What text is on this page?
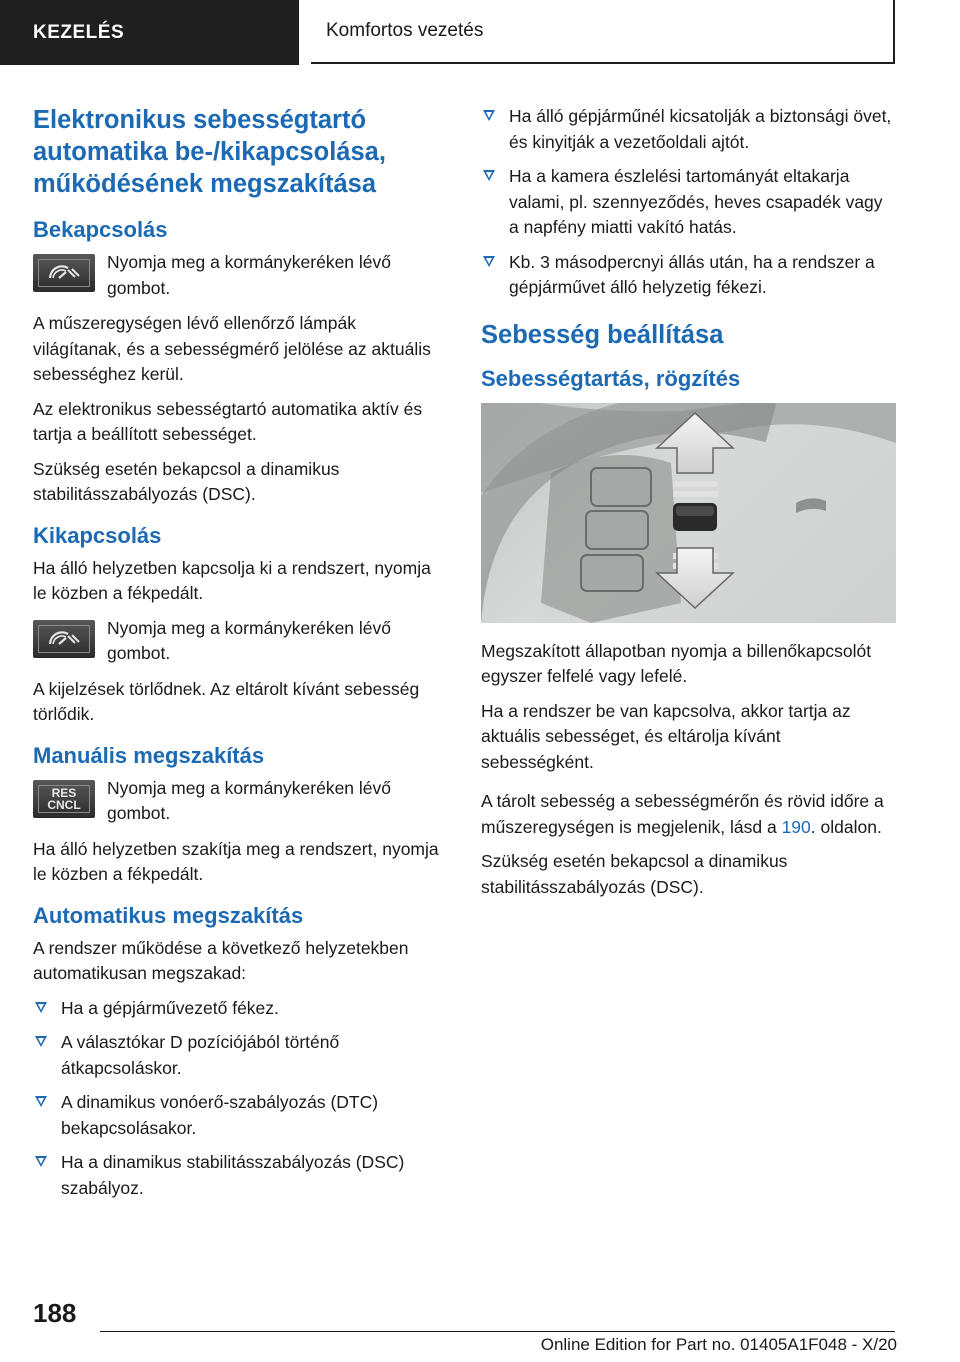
KEZELÉS	Komfortos vezetés
Elektronikus sebességtartó automatika be-/kikapcsolása, működésének megszakítása
Bekapcsolás
Nyomja meg a kormánykeréken lévő gombot.

A műszeregységen lévő ellenőrző lámpák világítanak, és a sebességmérő jelölése az aktuális sebességhez kerül.

Az elektronikus sebességtartó automatika aktív és tartja a beállított sebességet.

Szükség esetén bekapcsol a dinamikus stabilitásszabályozás (DSC).

Kikapcsolás

Ha álló helyzetben kapcsolja ki a rendszert, nyomja le közben a fékpedált.

Nyomja meg a kormánykeréken lévő gombot.

A kijelzések törlődnek. Az eltárolt kívánt sebesség törlődik.

Manuális megszakítás
RES
CNCL
Nyomja meg a kormánykeréken lévő gombot.

Ha álló helyzetben szakítja meg a rendszert, nyomja le közben a fékpedált.

Automatikus megszakítás

A rendszer működése a következő helyzetekben automatikusan megszakad:

Ha a gépjárművezető fékez.
A választókar D pozíciójából történő átkapcsoláskor.
A dinamikus vonóerő-szabályozás (DTC) bekapcsolásakor.
Ha a dinamikus stabilitásszabályozás (DSC) szabályoz.
Ha álló gépjárműnél kicsatolják a biztonsági övet, és kinyitják a vezetőoldali ajtót.
Ha a kamera észlelési tartományát eltakarja valami, pl. szennyeződés, heves csapadék vagy a napfény miatti vakító hatás.
Kb. 3 másodpercnyi állás után, ha a rendszer a gépjárművet álló helyzetig fékezi.
Sebesség beállítása
Sebességtartás, rögzítés

Megszakított állapotban nyomja a billenőkapcsolót egyszer felfelé vagy lefelé.

Ha a rendszer be van kapcsolva, akkor tartja az aktuális sebességet, és eltárolja kívánt sebességként.

A tárolt sebesség a sebességmérőn és rövid időre a műszeregységen is megjelenik, lásd a 190. oldalon.

Szükség esetén bekapcsol a dinamikus stabilitásszabályozás (DSC).

188
Online Edition for Part no. 01405A1F048 - X/20
